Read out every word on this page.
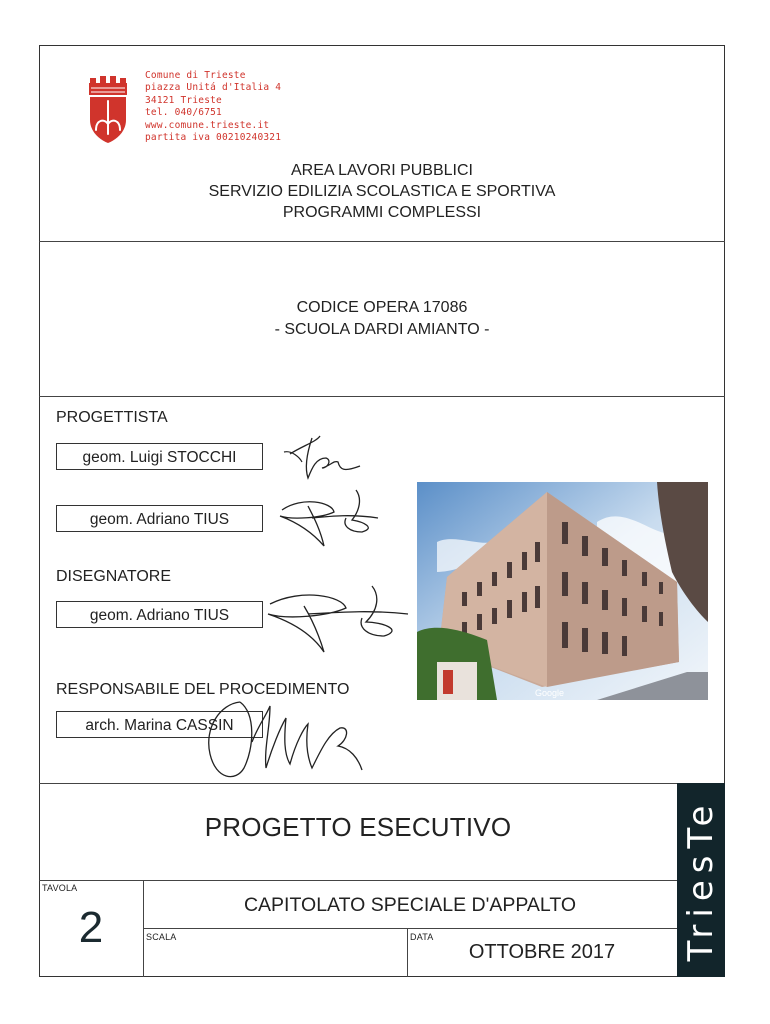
Comune di Trieste
piazza Unitá d'Italia 4
34121 Trieste
tel. 040/6751
www.comune.trieste.it
partita iva 00210240321
AREA LAVORI PUBBLICI
SERVIZIO EDILIZIA SCOLASTICA E SPORTIVA
PROGRAMMI COMPLESSI
CODICE OPERA 17086
- SCUOLA DARDI AMIANTO -
PROGETTISTA
geom. Luigi STOCCHI
geom. Adriano TIUS
DISEGNATORE
geom. Adriano TIUS
RESPONSABILE DEL PROCEDIMENTO
arch. Marina CASSIN
Google
PROGETTO ESECUTIVO
TAVOLA
2	CAPITOLATO SPECIALE D'APPALTO
SCALA	DATA
OTTOBRE 2017	TriesTe
